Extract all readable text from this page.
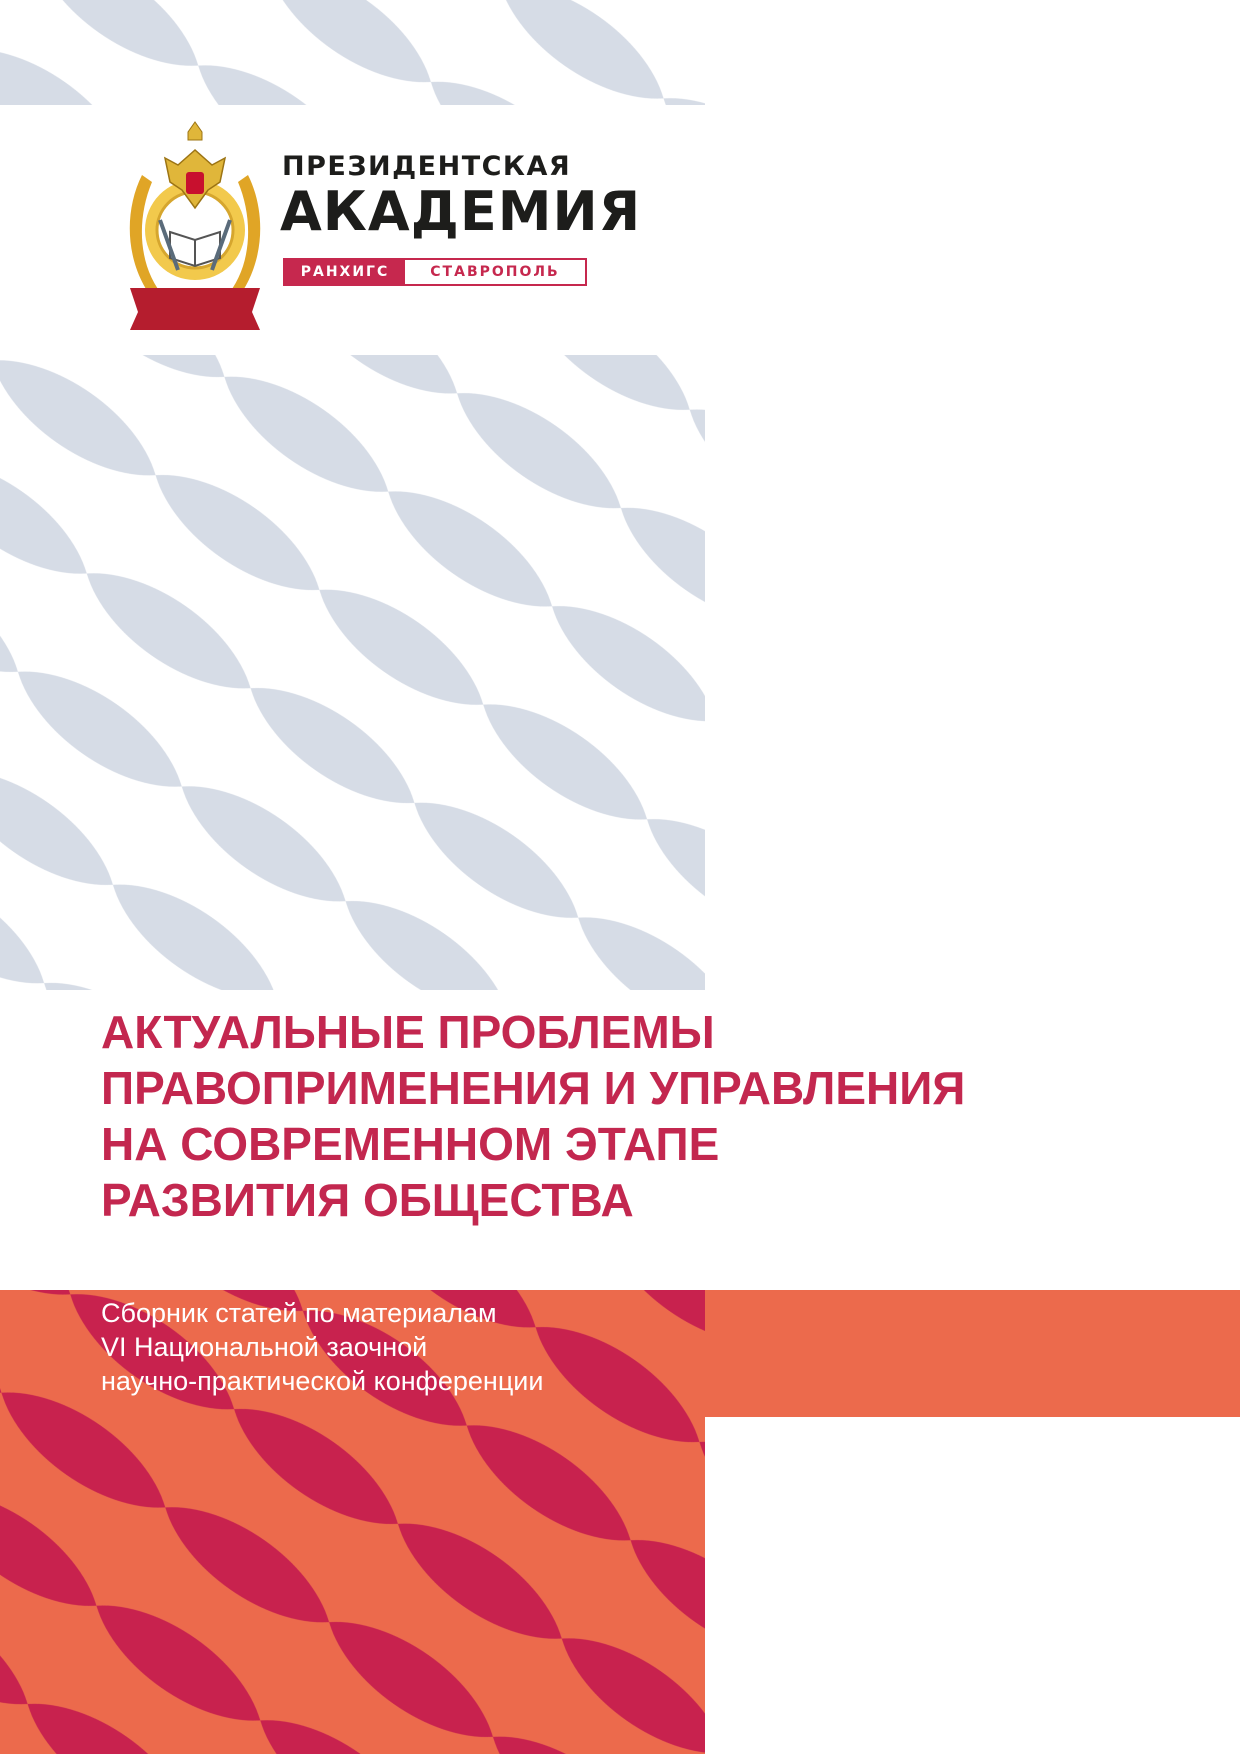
ПРЕЗИДЕНТСКАЯ
АКАДЕМИЯ
РАНХИГС	СТАВРОПОЛЬ
АКТУАЛЬНЫЕ ПРОБЛЕМЫ
ПРАВОПРИМЕНЕНИЯ И УПРАВЛЕНИЯ
НА СОВРЕМЕННОМ ЭТАПЕ
РАЗВИТИЯ ОБЩЕСТВА

Сборник статей по материалам
VI Национальной заочной
научно-практической конференции
